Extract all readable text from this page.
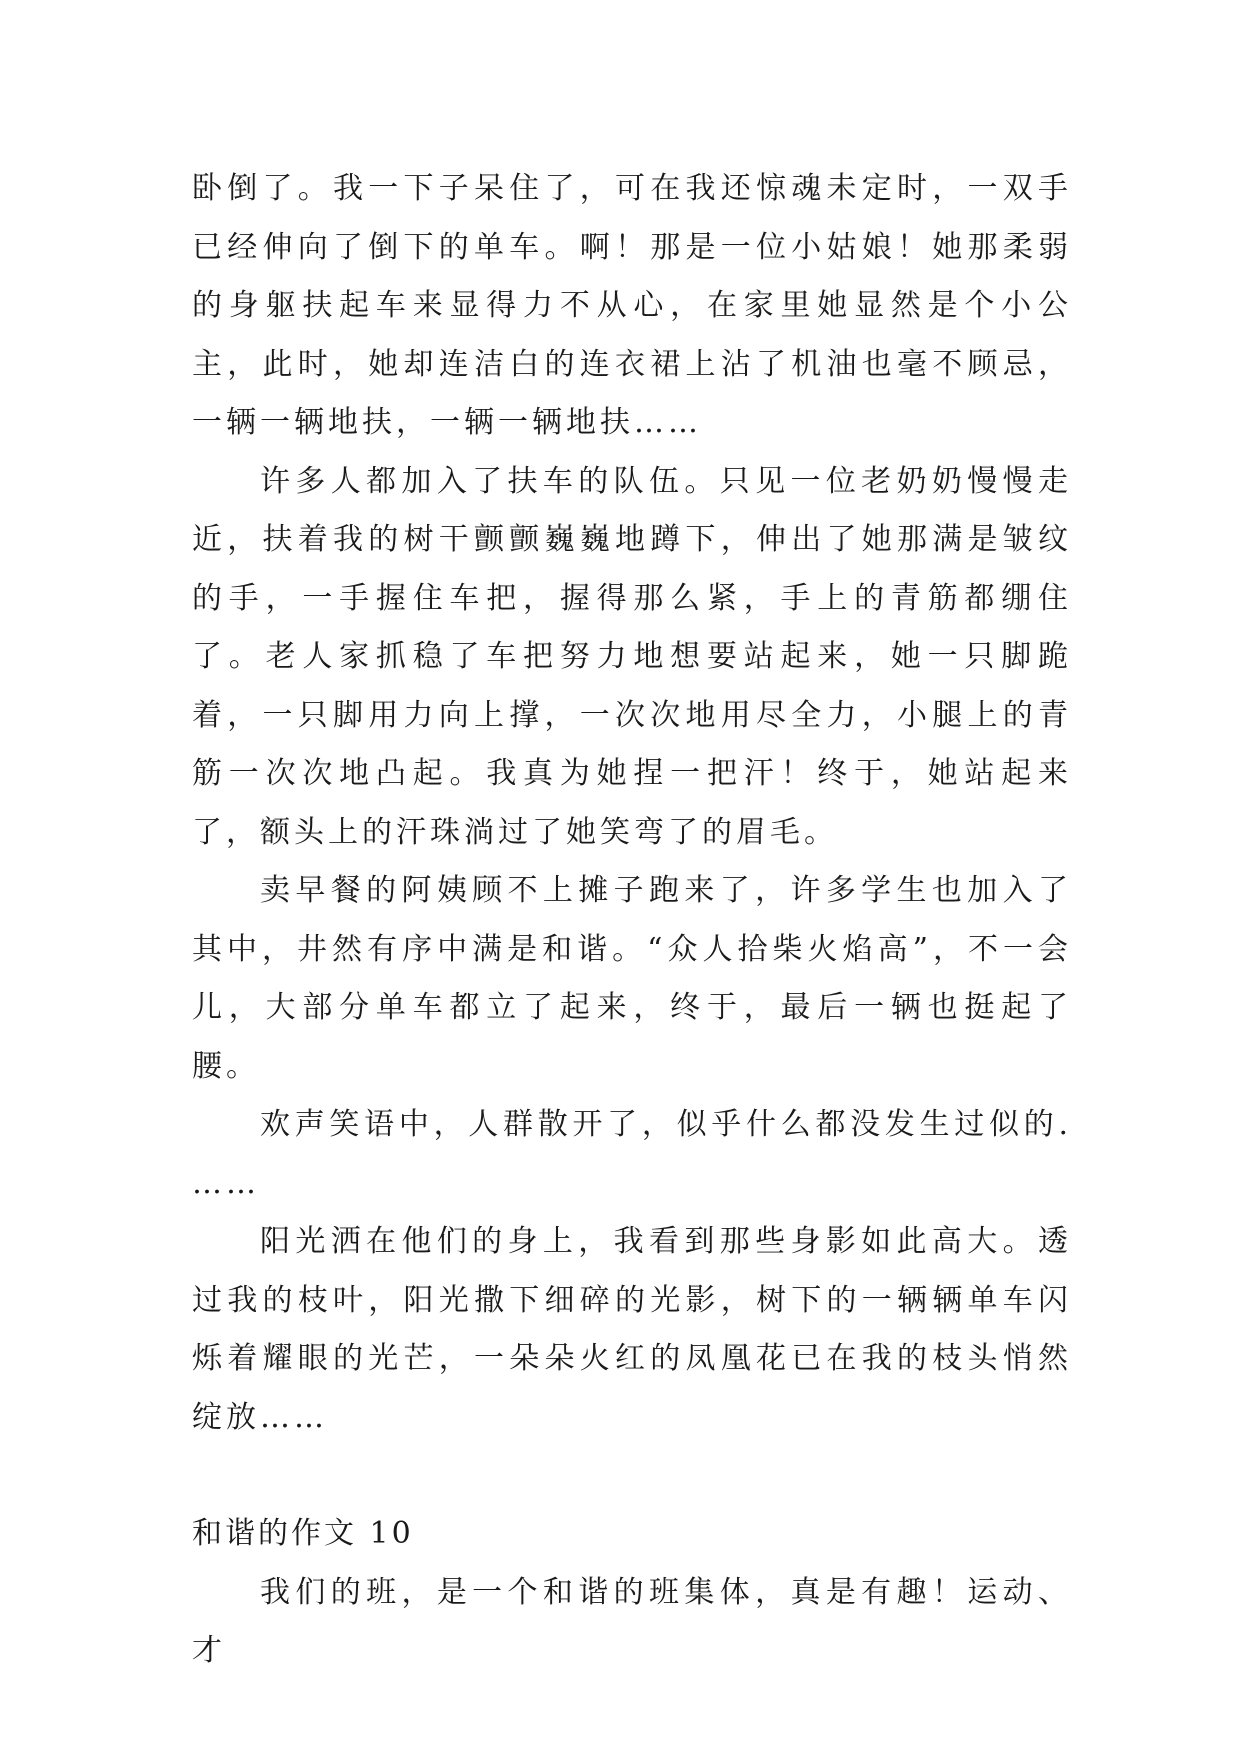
卧倒了。我一下子呆住了，可在我还惊魂未定时，一双手已经伸向了倒下的单车。啊！那是一位小姑娘！她那柔弱的身躯扶起车来显得力不从心，在家里她显然是个小公主，此时，她却连洁白的连衣裙上沾了机油也毫不顾忌，一辆一辆地扶，一辆一辆地扶……

许多人都加入了扶车的队伍。只见一位老奶奶慢慢走近，扶着我的树干颤颤巍巍地蹲下，伸出了她那满是皱纹的手，一手握住车把，握得那么紧，手上的青筋都绷住了。老人家抓稳了车把努力地想要站起来，她一只脚跪着，一只脚用力向上撑，一次次地用尽全力，小腿上的青筋一次次地凸起。我真为她捏一把汗！终于，她站起来了，额头上的汗珠淌过了她笑弯了的眉毛。

卖早餐的阿姨顾不上摊子跑来了，许多学生也加入了其中，井然有序中满是和谐。“众人拾柴火焰高”，不一会儿，大部分单车都立了起来，终于，最后一辆也挺起了腰。

欢声笑语中，人群散开了，似乎什么都没发生过似的. ……

阳光洒在他们的身上，我看到那些身影如此高大。透过我的枝叶，阳光撒下细碎的光影，树下的一辆辆单车闪烁着耀眼的光芒，一朵朵火红的凤凰花已在我的枝头悄然绽放……

和谐的作文 10

我们的班，是一个和谐的班集体，真是有趣！运动、才
